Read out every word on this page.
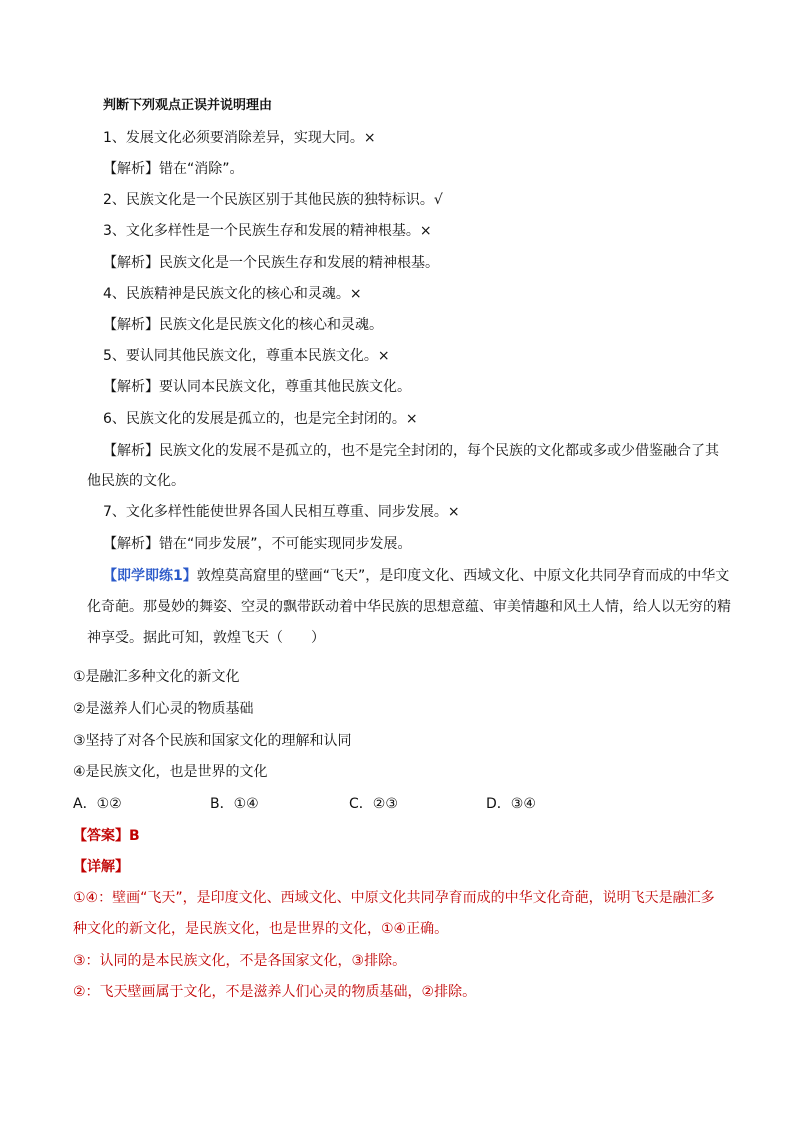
判断下列观点正误并说明理由
1、发展文化必须要消除差异，实现大同。×
【解析】错在“消除”。
2、民族文化是一个民族区别于其他民族的独特标识。√
3、文化多样性是一个民族生存和发展的精神根基。×
【解析】民族文化是一个民族生存和发展的精神根基。
4、民族精神是民族文化的核心和灵魂。×
【解析】民族文化是民族文化的核心和灵魂。
5、要认同其他民族文化，尊重本民族文化。×
【解析】要认同本民族文化，尊重其他民族文化。
6、民族文化的发展是孤立的，也是完全封闭的。×
【解析】民族文化的发展不是孤立的，也不是完全封闭的，每个民族的文化都或多或少借鉴融合了其
他民族的文化。
7、文化多样性能使世界各国人民相互尊重、同步发展。×
【解析】错在“同步发展”，不可能实现同步发展。
【即学即练1】敦煌莫高窟里的壁画“飞天”，是印度文化、西域文化、中原文化共同孕育而成的中华文
化奇葩。那曼妙的舞姿、空灵的飘带跃动着中华民族的思想意蕴、审美情趣和风土人情，给人以无穷的精
神享受。据此可知，敦煌飞天（　　）
①是融汇多种文化的新文化
②是滋养人们心灵的物质基础
③坚持了对各个民族和国家文化的理解和认同
④是民族文化，也是世界的文化
A．①②	B．①④	C．②③	D．③④
【答案】B
【详解】
①④：壁画“飞天”，是印度文化、西域文化、中原文化共同孕育而成的中华文化奇葩，说明飞天是融汇多
种文化的新文化，是民族文化，也是世界的文化，①④正确。
③：认同的是本民族文化，不是各国家文化，③排除。
②：飞天壁画属于文化，不是滋养人们心灵的物质基础，②排除。
